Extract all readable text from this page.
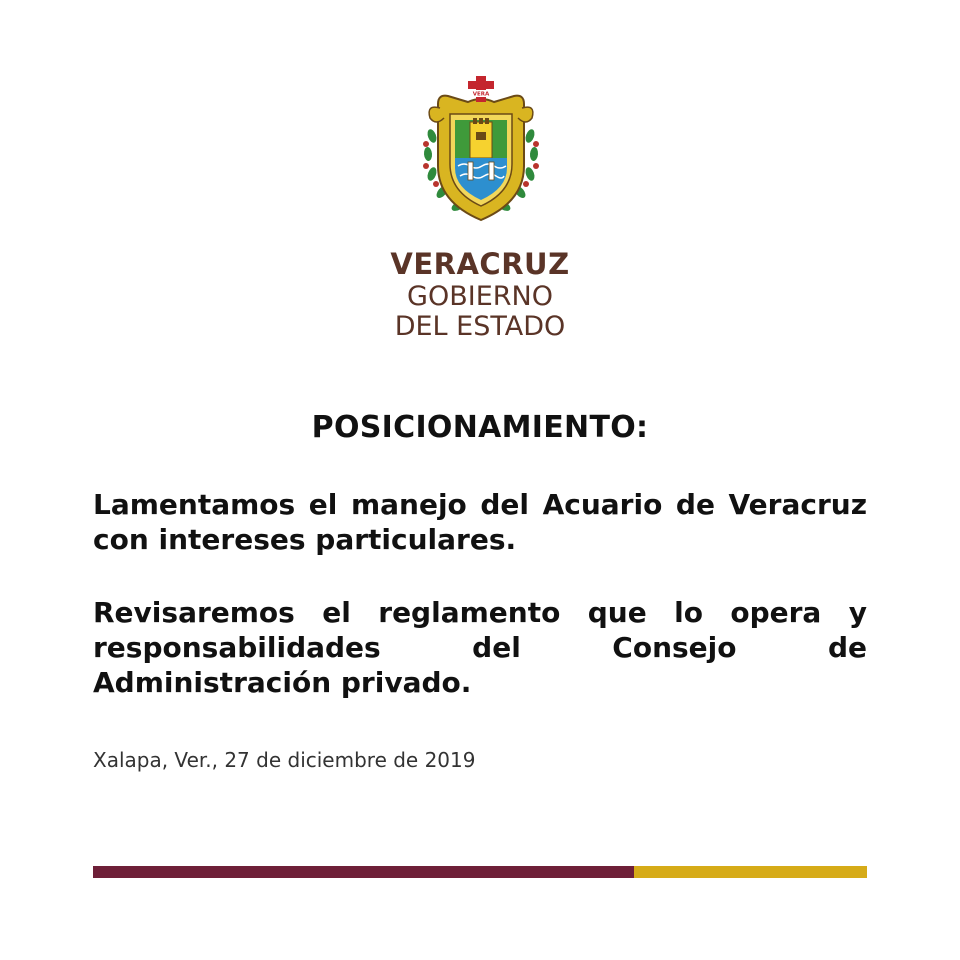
VERA
VERACRUZ
GOBIERNO
DEL ESTADO
POSICIONAMIENTO:
Lamentamos el manejo del Acuario de Veracruz con intereses particulares.
Revisaremos el reglamento que lo opera y responsabilidades del Consejo de Administración privado.
Xalapa, Ver., 27 de diciembre de 2019
